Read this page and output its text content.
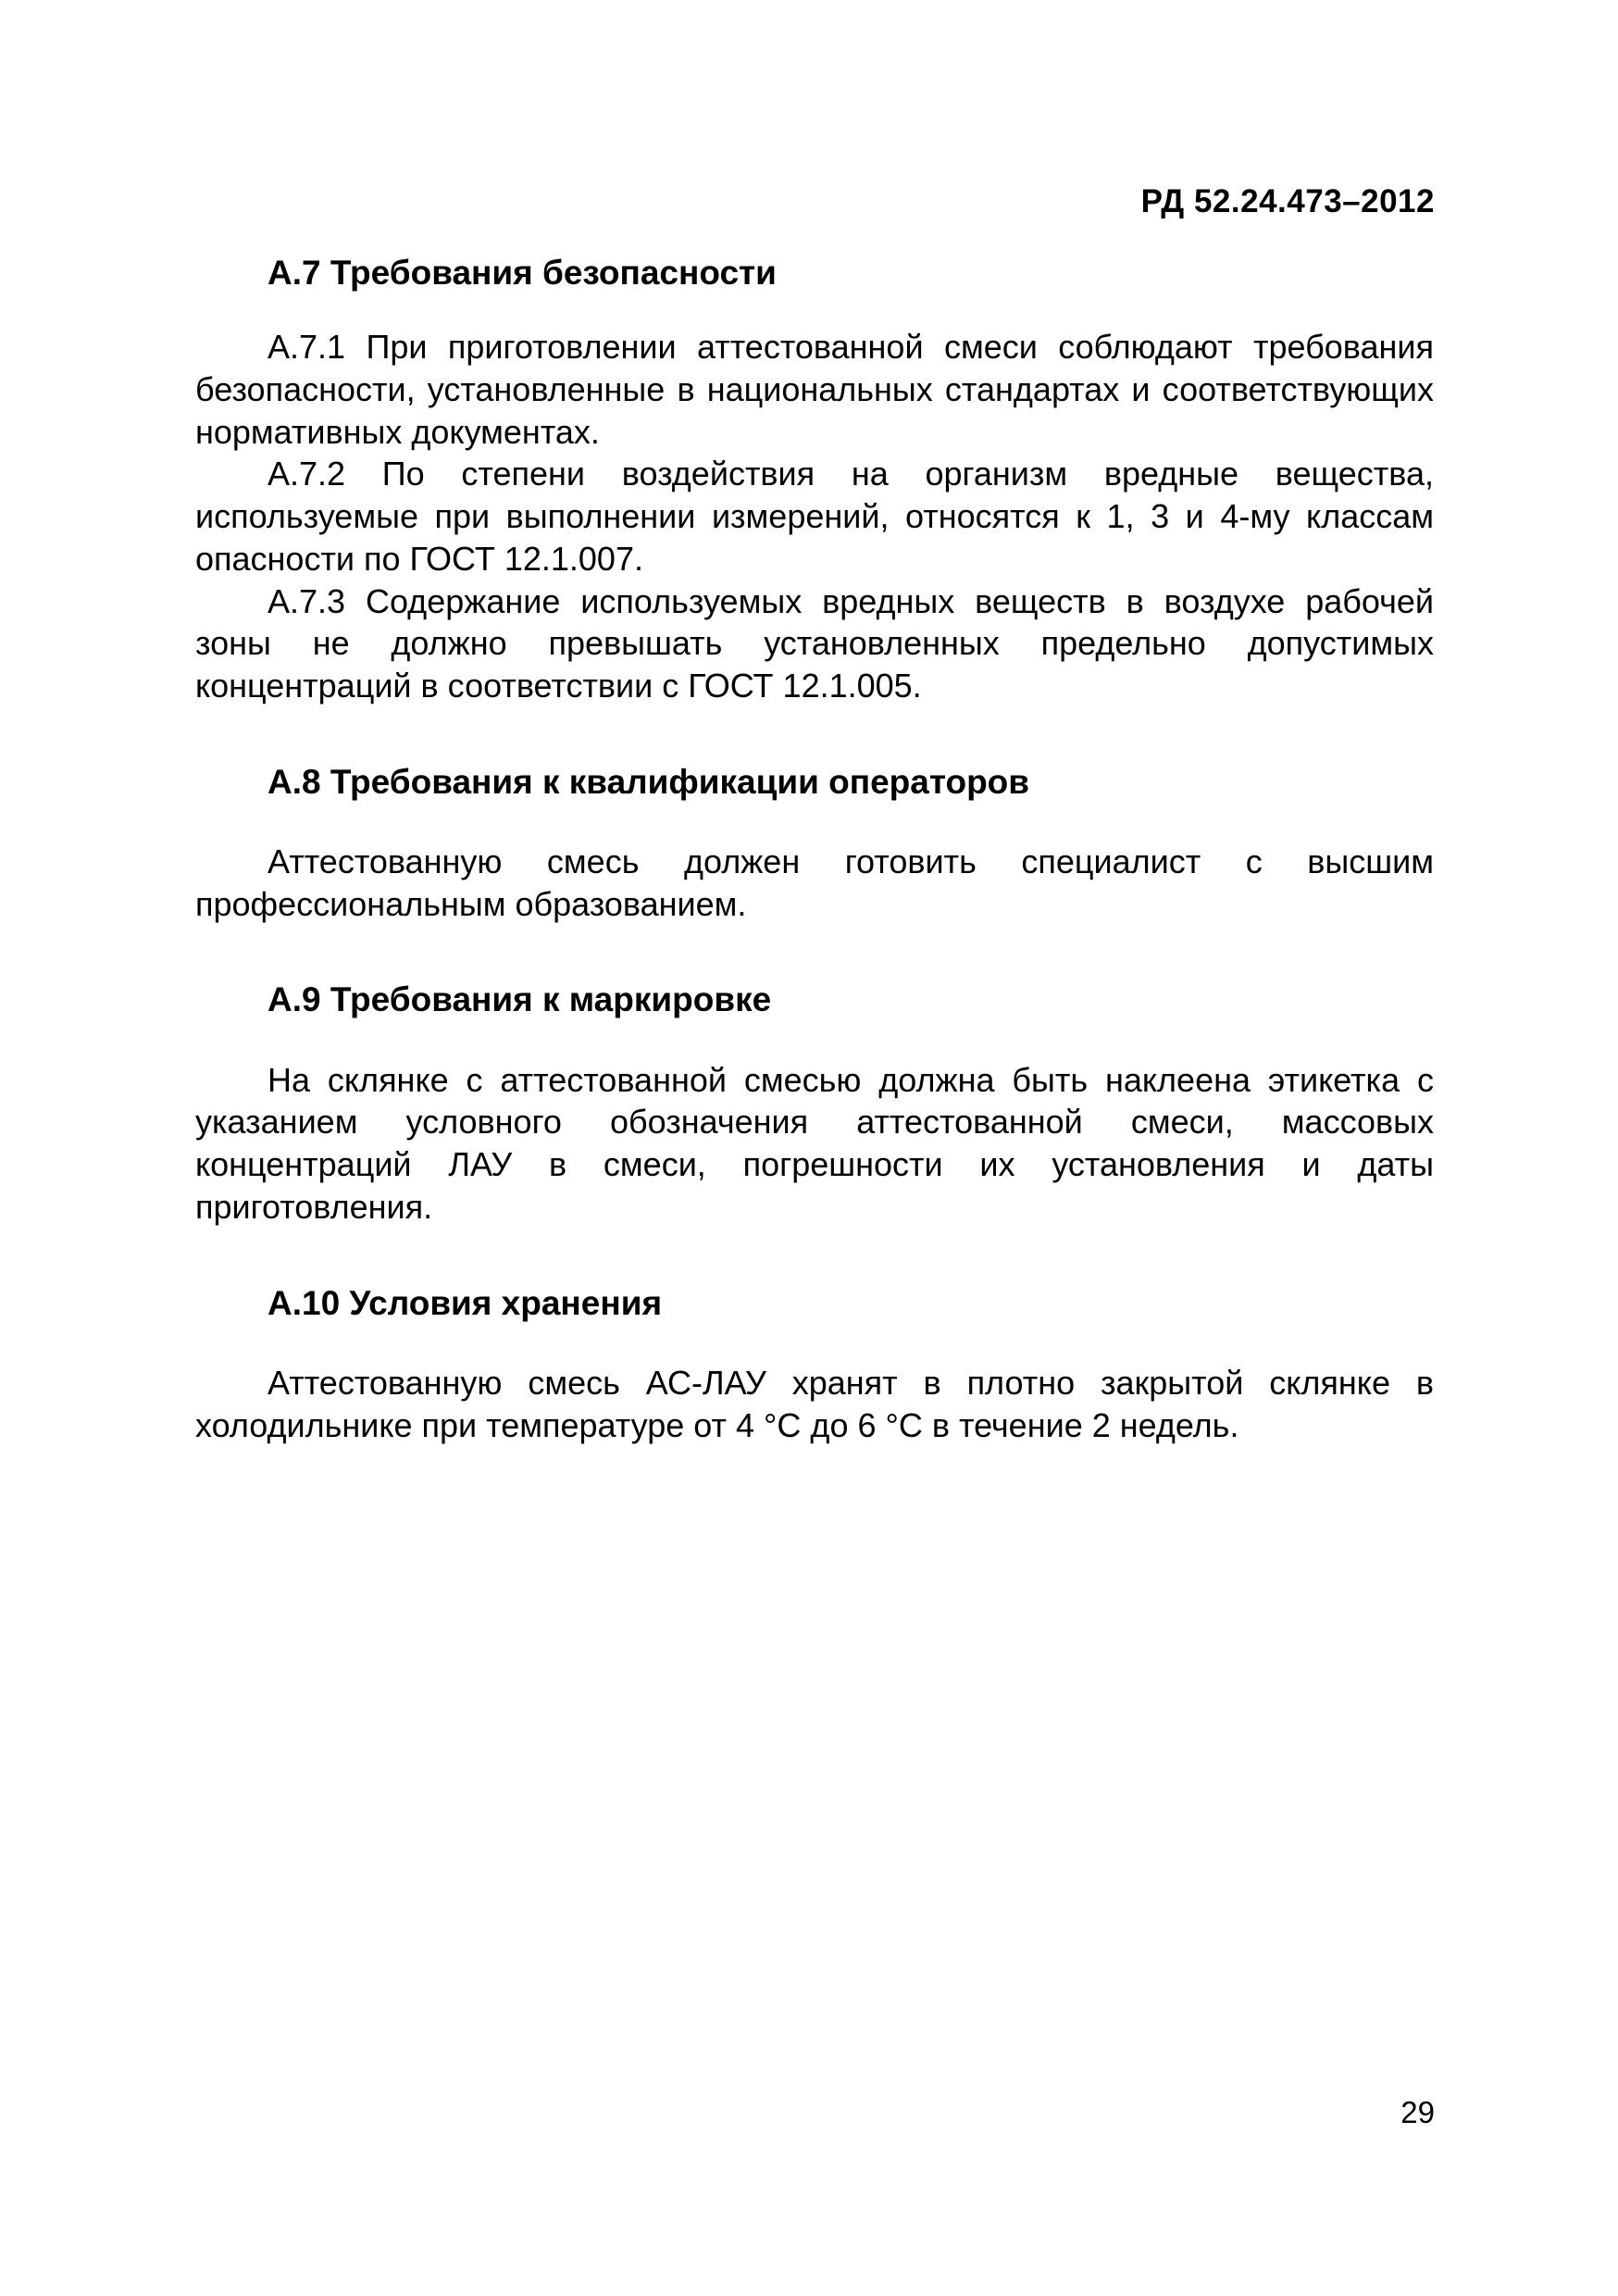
РД 52.24.473–2012
А.7 Требования безопасности

А.7.1 При приготовлении аттестованной смеси соблюдают требования безопасности, установленные в национальных стандартах и соответствующих нормативных документах.

А.7.2 По степени воздействия на организм вредные вещества, используемые при выполнении измерений, относятся к 1, 3 и 4-му классам опасности по ГОСТ 12.1.007.

А.7.3 Содержание используемых вредных веществ в воздухе рабочей зоны не должно превышать установленных предельно допустимых концентраций в соответствии с ГОСТ 12.1.005.

А.8 Требования к квалификации операторов

Аттестованную смесь должен готовить специалист с высшим профессиональным образованием.

А.9 Требования к маркировке

На склянке с аттестованной смесью должна быть наклеена этикетка с указанием условного обозначения аттестованной смеси, массовых концентраций ЛАУ в смеси, погрешности их установления и даты приготовления.

А.10 Условия хранения

Аттестованную смесь АС-ЛАУ хранят в плотно закрытой склянке в холодильнике при температуре от 4 °С до 6 °С в течение 2 недель.

29
